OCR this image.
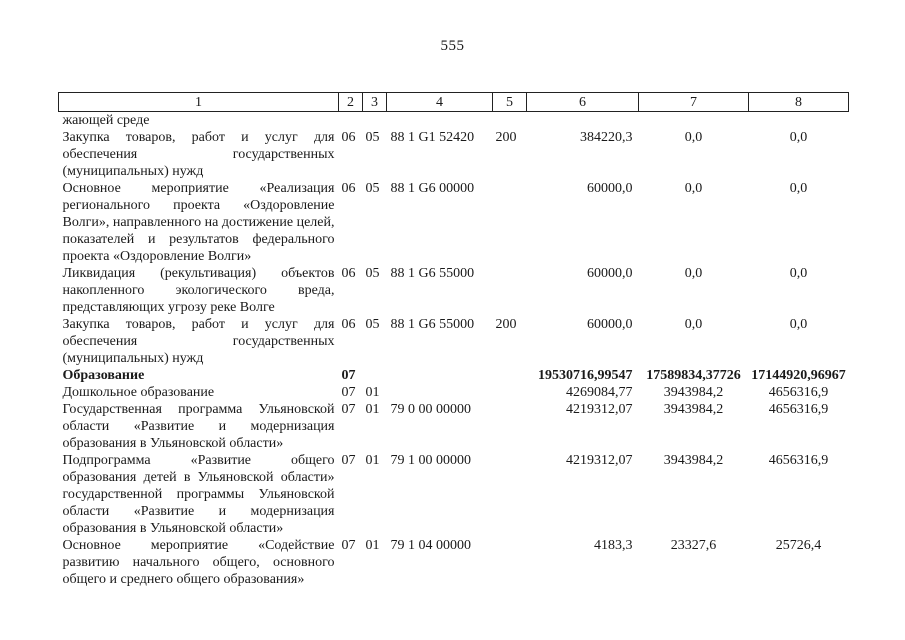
555
1	2	3	4	5	6	7	8
жающей среде							
Закупка товаров, работ и услуг для обеспечения государственных (муниципальных) нужд	06	05	88 1 G1 52420	200	384220,3	0,0	0,0
Основное мероприятие «Реализация регионального проекта «Оздоровление Волги», направленного на достижение целей, показателей и результатов федерального проекта «Оздоровление Волги»	06	05	88 1 G6 00000		60000,0	0,0	0,0
Ликвидация (рекультивация) объектов накопленного экологического вреда, представляющих угрозу реке Волге	06	05	88 1 G6 55000		60000,0	0,0	0,0
Закупка товаров, работ и услуг для обеспечения государственных (муниципальных) нужд	06	05	88 1 G6 55000	200	60000,0	0,0	0,0
Образование	07				19530716,99547	17589834,37726	17144920,96967
Дошкольное образование	07	01			4269084,77	3943984,2	4656316,9
Государственная программа Ульяновской области «Развитие и модернизация образования в Ульяновской области»	07	01	79 0 00 00000		4219312,07	3943984,2	4656316,9
Подпрограмма «Развитие общего образования детей в Ульяновской области» государственной программы Ульяновской области «Развитие и модернизация образования в Ульяновской области»	07	01	79 1 00 00000		4219312,07	3943984,2	4656316,9
Основное мероприятие «Содействие развитию начального общего, основного общего и среднего общего образования»	07	01	79 1 04 00000		4183,3	23327,6	25726,4
